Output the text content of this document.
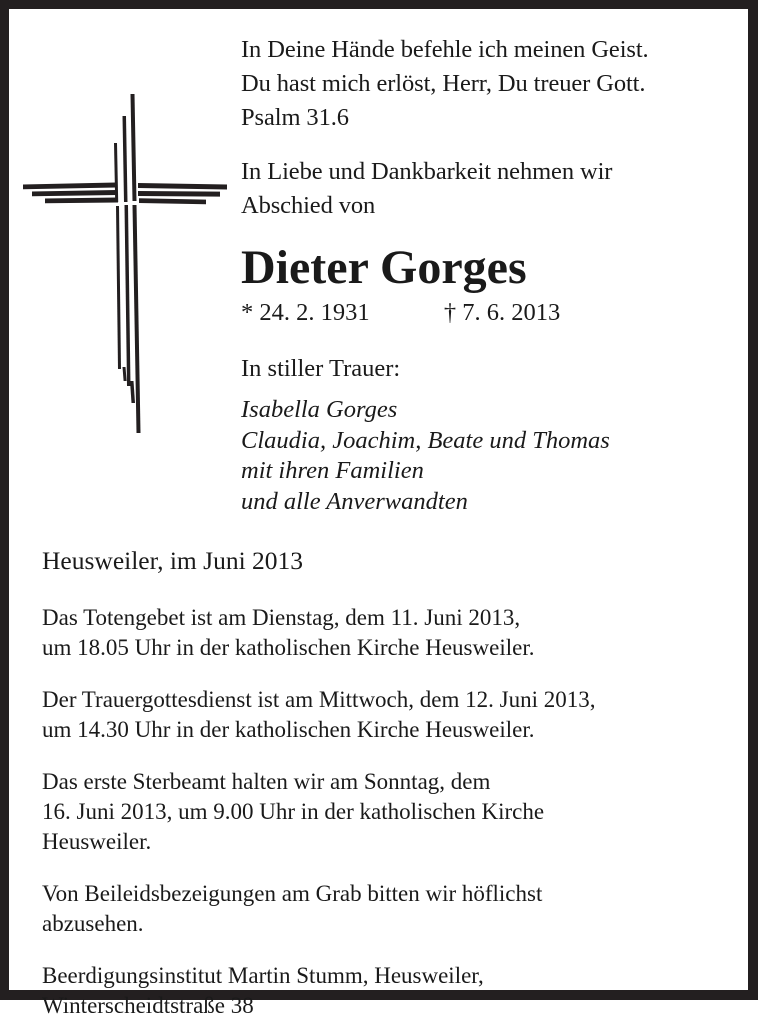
In Deine Hände befehle ich meinen Geist.
Du hast mich erlöst, Herr, Du treuer Gott.
Psalm 31.6
In Liebe und Dankbarkeit nehmen wir
Abschied von
Dieter Gorges
* 24. 2. 1931	† 7. 6. 2013
In stiller Trauer:
Isabella Gorges
Claudia, Joachim, Beate und Thomas
mit ihren Familien
und alle Anverwandten
Heusweiler, im Juni 2013
Das Totengebet ist am Dienstag, dem 11. Juni 2013,
um 18.05 Uhr in der katholischen Kirche Heusweiler.
Der Trauergottesdienst ist am Mittwoch, dem 12. Juni 2013,
um 14.30 Uhr in der katholischen Kirche Heusweiler.
Das erste Sterbeamt halten wir am Sonntag, dem
16. Juni 2013, um 9.00 Uhr in der katholischen Kirche
Heusweiler.
Von Beileidsbezeigungen am Grab bitten wir höflichst
abzusehen.
Beerdigungsinstitut Martin Stumm, Heusweiler,
Winterscheidtstraße 38
